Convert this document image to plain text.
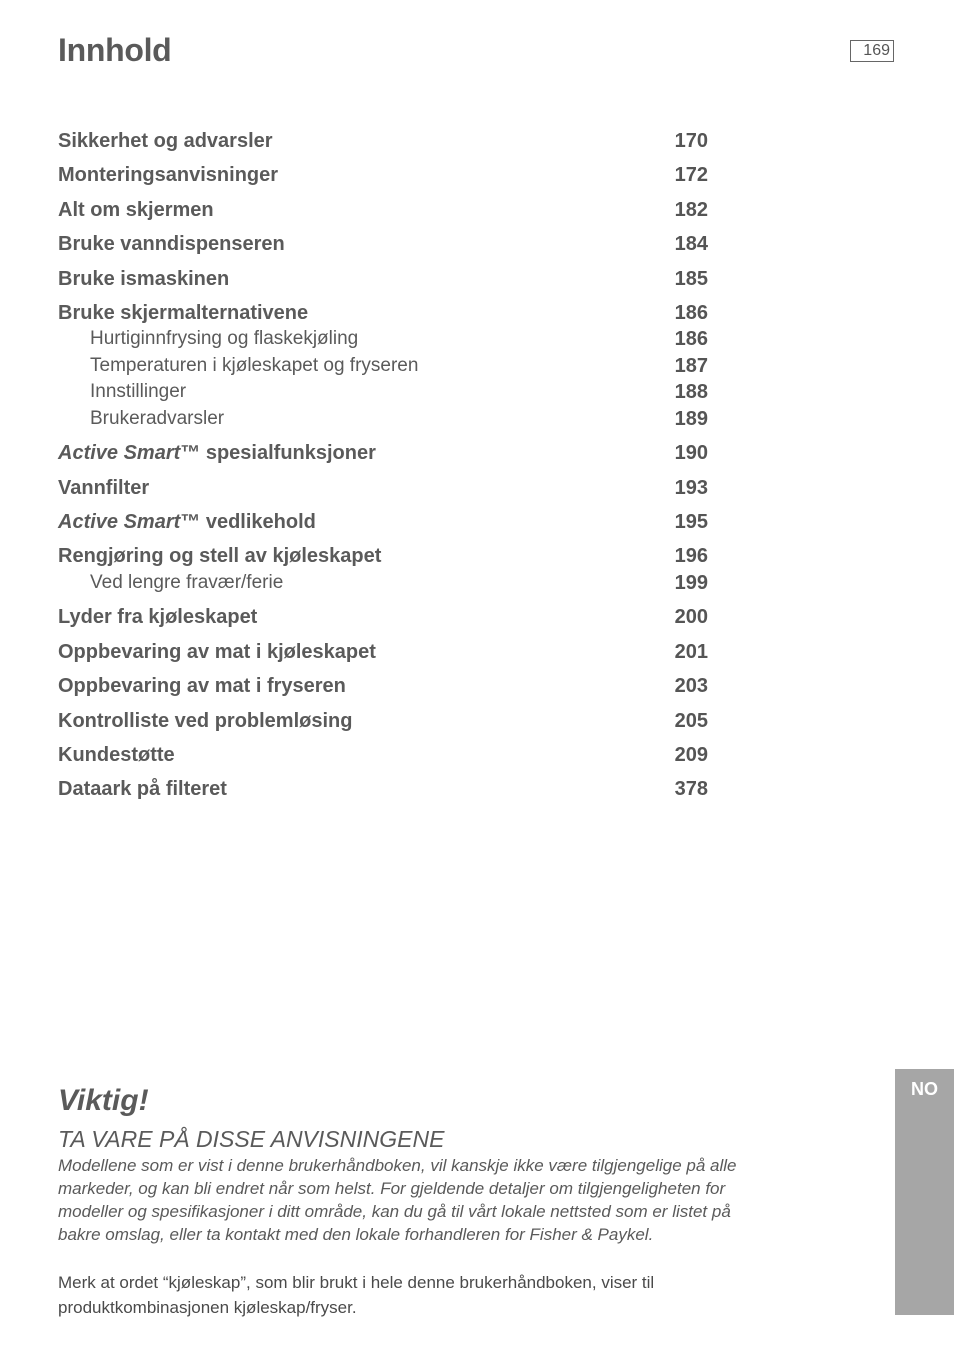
Innhold	169
Sikkerhet og advarsler	170
Monteringsanvisninger	172
Alt om skjermen	182
Bruke vanndispenseren	184
Bruke ismaskinen	185
Bruke skjermalternativene	186
Hurtiginnfrysing og flaskekjøling	186
Temperaturen i kjøleskapet og fryseren	187
Innstillinger	188
Brukeradvarsler	189
Active Smart™ spesialfunksjoner	190
Vannfilter	193
Active Smart™ vedlikehold	195
Rengjøring og stell av kjøleskapet	196
Ved lengre fravær/ferie	199
Lyder fra kjøleskapet	200
Oppbevaring av mat i kjøleskapet	201
Oppbevaring av mat i fryseren	203
Kontrolliste ved problemløsing	205
Kundestøtte	209
Dataark på filteret	378
NO
Viktig!
TA VARE PÅ DISSE ANVISNINGENE

Modellene som er vist i denne brukerhåndboken, vil kanskje ikke være tilgjengelige på alle markeder, og kan bli endret når som helst. For gjeldende detaljer om tilgjengeligheten for modeller og spesifikasjoner i ditt område, kan du gå til vårt lokale nettsted som er listet på bakre omslag, eller ta kontakt med den lokale forhandleren for Fisher & Paykel.

Merk at ordet “kjøleskap”, som blir brukt i hele denne brukerhåndboken, viser til produktkombinasjonen kjøleskap/fryser.
